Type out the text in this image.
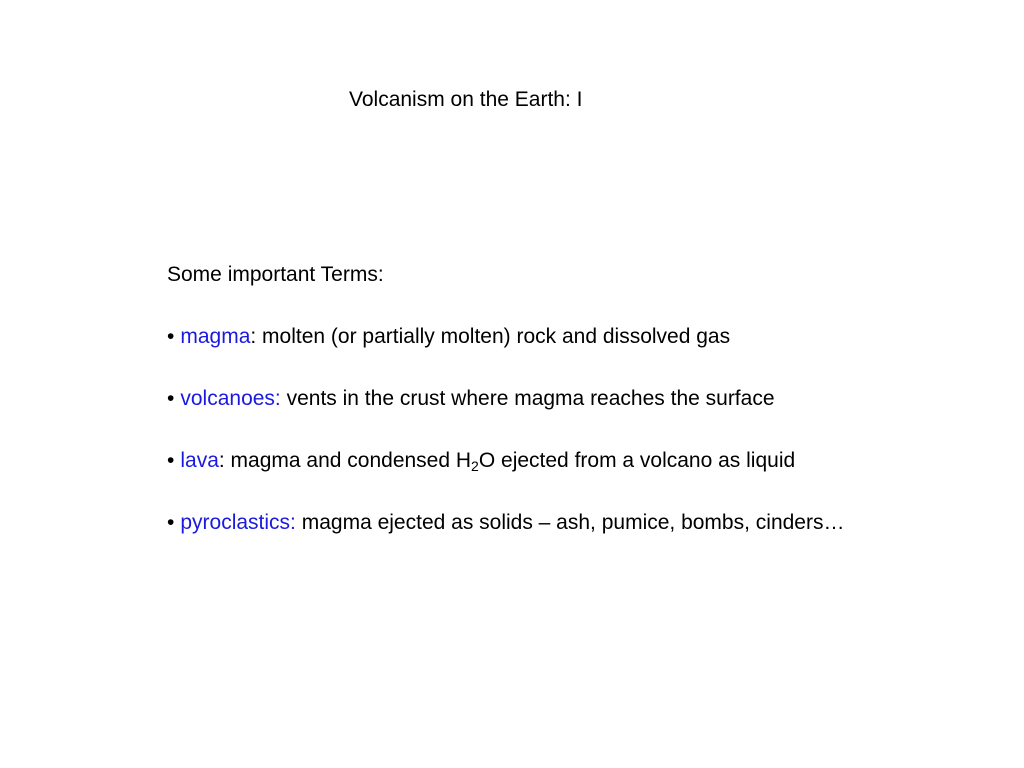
Volcanism on the Earth: I
Some important Terms:
• magma: molten (or partially molten) rock and dissolved gas
• volcanoes: vents in the crust where magma reaches the surface
• lava: magma and condensed $H_2O$ ejected from a volcano as liquid
• pyroclastics: magma ejected as solids – ash, pumice, bombs, cinders…
